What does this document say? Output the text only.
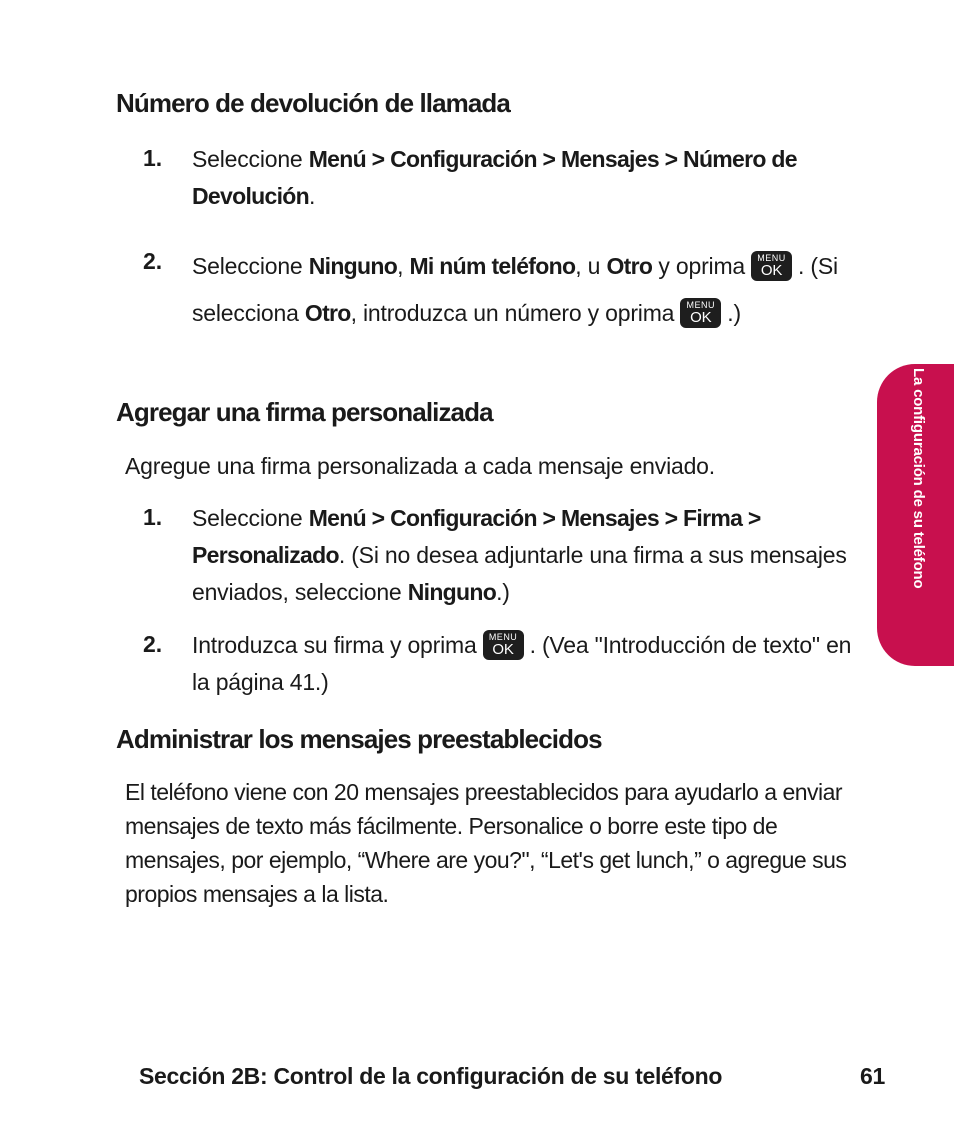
Número de devolución de llamada
1. Seleccione Menú > Configuración > Mensajes > Número de Devolución.
2. Seleccione Ninguno, Mi núm teléfono, u Otro y oprima	MENU
OK . (Si selecciona Otro, introduzca un número y oprima	MENU
OK .)
Agregar una firma personalizada
Agregue una firma personalizada a cada mensaje enviado.
1. Seleccione Menú > Configuración > Mensajes > Firma > Personalizado. (Si no desea adjuntarle una firma a sus mensajes enviados, seleccione Ninguno.)
2. Introduzca su firma y oprima	MENU
OK . (Vea "Introducción de texto" en la página 41.)
Administrar los mensajes preestablecidos
El teléfono viene con 20 mensajes preestablecidos para ayudarlo a enviar mensajes de texto más fácilmente. Personalice o borre este tipo de mensajes, por ejemplo, “Where are you?", “Let's get lunch,” o agregue sus propios mensajes a la lista.
La configuración de su teléfono
Sección 2B: Control de la configuración de su teléfono	61
